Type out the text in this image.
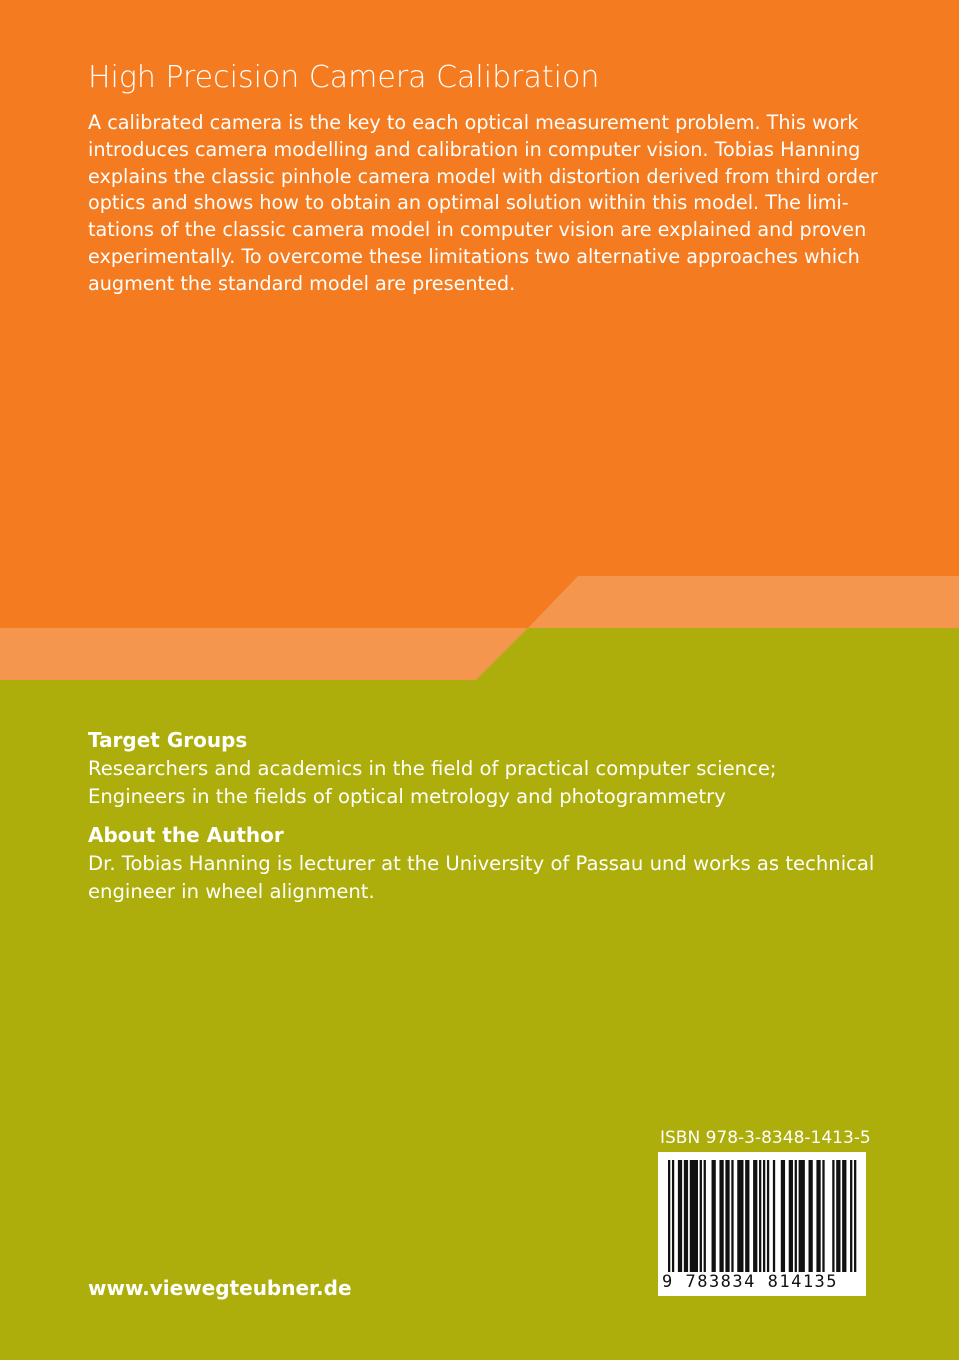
High Precision Camera Calibration

A calibrated camera is the key to each optical measurement problem. This work
introduces camera modelling and calibration in computer vision. Tobias Hanning
explains the classic pinhole camera model with distortion derived from third order
optics and shows how to obtain an optimal solution within this model. The limi-
tations of the classic camera model in computer vision are explained and proven
experimentally. To overcome these limitations two alternative approaches which
augment the standard model are presented.

Target Groups

Researchers and academics in the field of practical computer science;
Engineers in the fields of optical metrology and photogrammetry

About the Author

Dr. Tobias Hanning is lecturer at the University of Passau und works as technical
engineer in wheel alignment.

ISBN 978-3-8348-1413-5
9 783834 814135
www.viewegteubner.de
